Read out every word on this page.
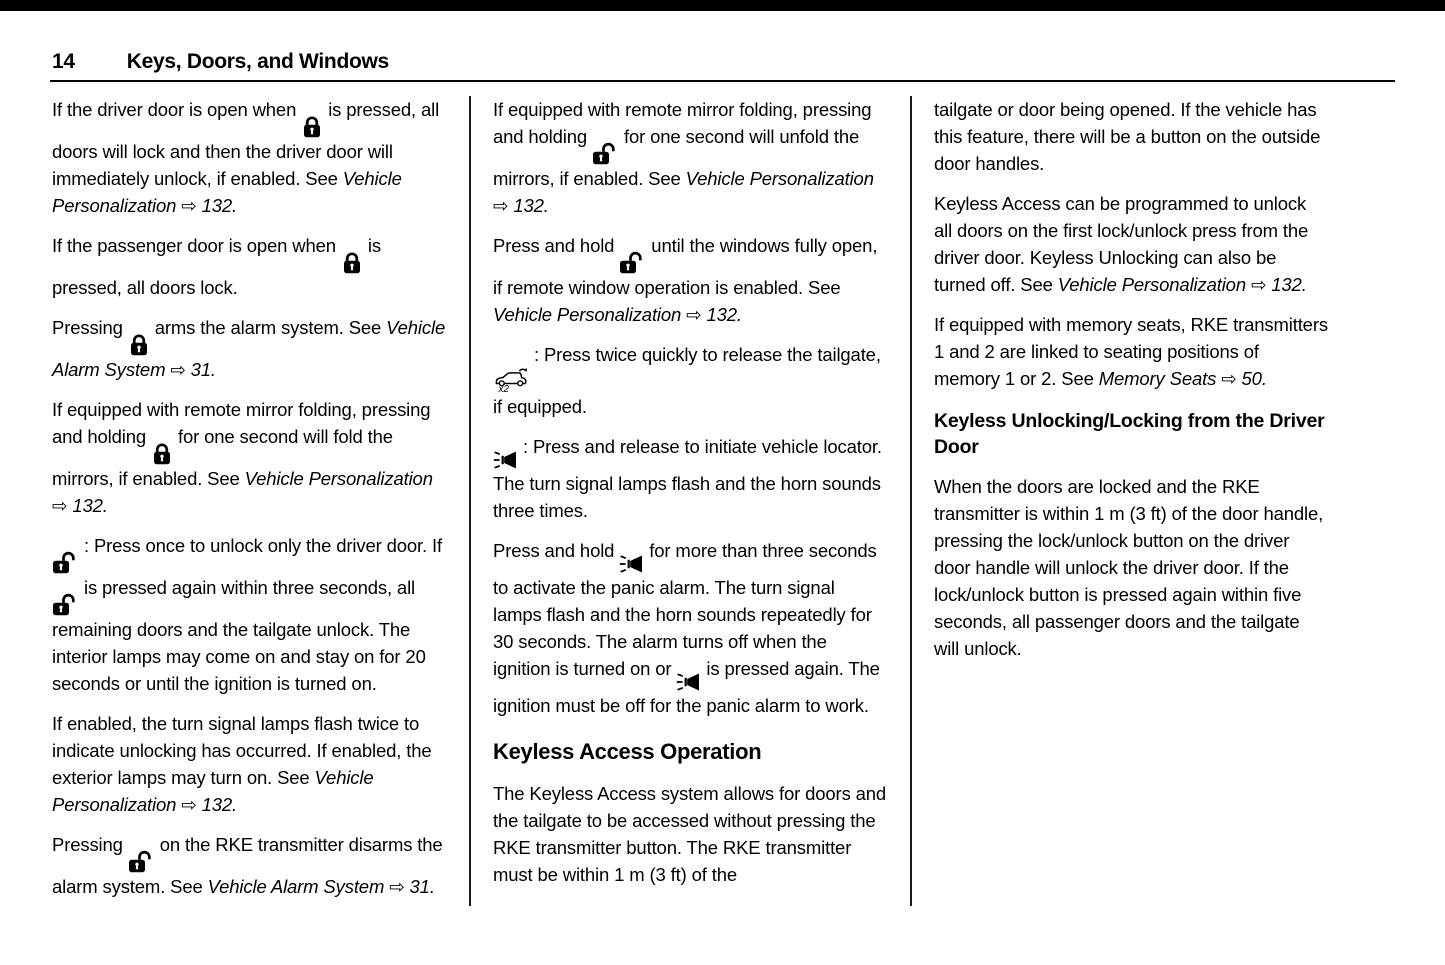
14 Keys, Doors, and Windows

If the driver door is open when  is pressed, all doors will lock and then the driver door will immediately unlock, if enabled. See Vehicle Personalization ⇨ 132.

If the passenger door is open when  is pressed, all doors lock.

Pressing  arms the alarm system. See Vehicle Alarm System ⇨ 31.

If equipped with remote mirror folding, pressing and holding  for one second will fold the mirrors, if enabled. See Vehicle Personalization ⇨ 132.

: Press once to unlock only the driver door. If  is pressed again within three seconds, all remaining doors and the tailgate unlock. The interior lamps may come on and stay on for 20 seconds or until the ignition is turned on.

If enabled, the turn signal lamps flash twice to indicate unlocking has occurred. If enabled, the exterior lamps may turn on. See Vehicle Personalization ⇨ 132.

Pressing  on the RKE transmitter disarms the alarm system. See Vehicle Alarm System ⇨ 31.

If equipped with remote mirror folding, pressing and holding  for one second will unfold the mirrors, if enabled. See Vehicle Personalization ⇨ 132.

Press and hold  until the windows fully open, if remote window operation is enabled. See Vehicle Personalization ⇨ 132.

x2
: Press twice quickly to release the tailgate, if equipped.

: Press and release to initiate vehicle locator. The turn signal lamps flash and the horn sounds three times.

Press and hold  for more than three seconds to activate the panic alarm. The turn signal lamps flash and the horn sounds repeatedly for 30 seconds. The alarm turns off when the ignition is turned on or  is pressed again. The ignition must be off for the panic alarm to work.

Keyless Access Operation

The Keyless Access system allows for doors and the tailgate to be accessed without pressing the RKE transmitter button. The RKE transmitter must be within 1 m (3 ft) of the

tailgate or door being opened. If the vehicle has this feature, there will be a button on the outside door handles.

Keyless Access can be programmed to unlock all doors on the first lock/unlock press from the driver door. Keyless Unlocking can also be turned off. See Vehicle Personalization ⇨ 132.

If equipped with memory seats, RKE transmitters 1 and 2 are linked to seating positions of memory 1 or 2. See Memory Seats ⇨ 50.

Keyless Unlocking/Locking from the Driver Door

When the doors are locked and the RKE transmitter is within 1 m (3 ft) of the door handle, pressing the lock/unlock button on the driver door handle will unlock the driver door. If the lock/unlock button is pressed again within five seconds, all passenger doors and the tailgate will unlock.
